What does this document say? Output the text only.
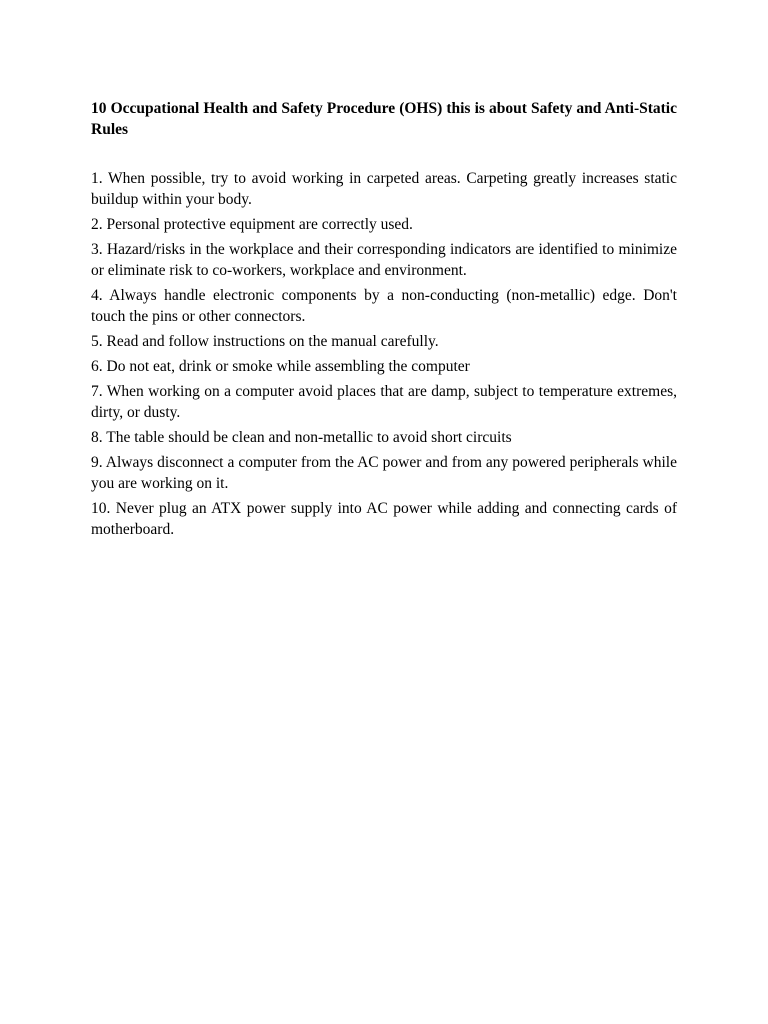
10 Occupational Health and Safety Procedure (OHS) this is about Safety and Anti-Static Rules

1. When possible, try to avoid working in carpeted areas. Carpeting greatly increases static buildup within your body.
2. Personal protective equipment are correctly used.
3. Hazard/risks in the workplace and their corresponding indicators are identified to minimize or eliminate risk to co-workers, workplace and environment.
4. Always handle electronic components by a non-conducting (non-metallic) edge. Don't touch the pins or other connectors.
5. Read and follow instructions on the manual carefully.
6. Do not eat, drink or smoke while assembling the computer
7. When working on a computer avoid places that are damp, subject to temperature extremes, dirty, or dusty.
8. The table should be clean and non-metallic to avoid short circuits
9. Always disconnect a computer from the AC power and from any powered peripherals while you are working on it.
10. Never plug an ATX power supply into AC power while adding and connecting cards of motherboard.
